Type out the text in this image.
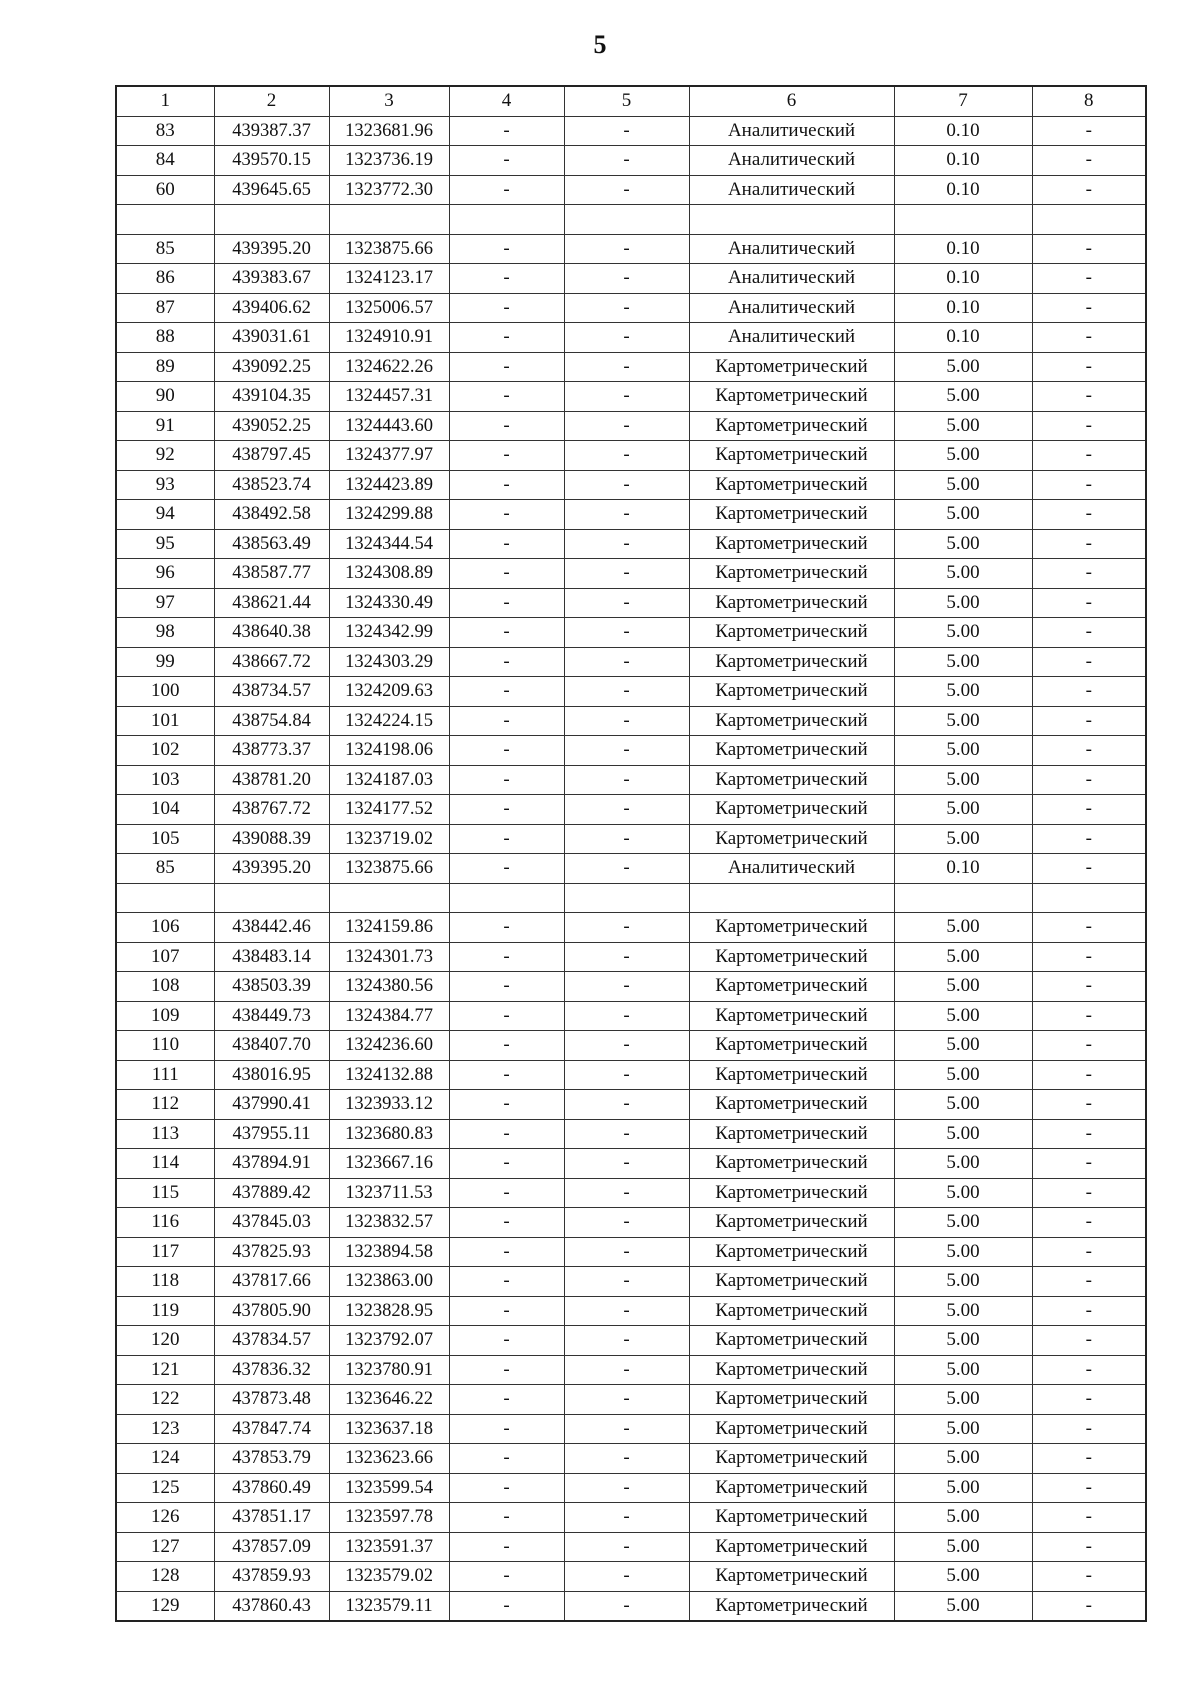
5
1	2	3	4	5	6	7	8
83	439387.37	1323681.96	-	-	Аналитический	0.10	-
84	439570.15	1323736.19	-	-	Аналитический	0.10	-
60	439645.65	1323772.30	-	-	Аналитический	0.10	-

85	439395.20	1323875.66	-	-	Аналитический	0.10	-
86	439383.67	1324123.17	-	-	Аналитический	0.10	-
87	439406.62	1325006.57	-	-	Аналитический	0.10	-
88	439031.61	1324910.91	-	-	Аналитический	0.10	-
89	439092.25	1324622.26	-	-	Картометрический	5.00	-
90	439104.35	1324457.31	-	-	Картометрический	5.00	-
91	439052.25	1324443.60	-	-	Картометрический	5.00	-
92	438797.45	1324377.97	-	-	Картометрический	5.00	-
93	438523.74	1324423.89	-	-	Картометрический	5.00	-
94	438492.58	1324299.88	-	-	Картометрический	5.00	-
95	438563.49	1324344.54	-	-	Картометрический	5.00	-
96	438587.77	1324308.89	-	-	Картометрический	5.00	-
97	438621.44	1324330.49	-	-	Картометрический	5.00	-
98	438640.38	1324342.99	-	-	Картометрический	5.00	-
99	438667.72	1324303.29	-	-	Картометрический	5.00	-
100	438734.57	1324209.63	-	-	Картометрический	5.00	-
101	438754.84	1324224.15	-	-	Картометрический	5.00	-
102	438773.37	1324198.06	-	-	Картометрический	5.00	-
103	438781.20	1324187.03	-	-	Картометрический	5.00	-
104	438767.72	1324177.52	-	-	Картометрический	5.00	-
105	439088.39	1323719.02	-	-	Картометрический	5.00	-
85	439395.20	1323875.66	-	-	Аналитический	0.10	-

106	438442.46	1324159.86	-	-	Картометрический	5.00	-
107	438483.14	1324301.73	-	-	Картометрический	5.00	-
108	438503.39	1324380.56	-	-	Картометрический	5.00	-
109	438449.73	1324384.77	-	-	Картометрический	5.00	-
110	438407.70	1324236.60	-	-	Картометрический	5.00	-
111	438016.95	1324132.88	-	-	Картометрический	5.00	-
112	437990.41	1323933.12	-	-	Картометрический	5.00	-
113	437955.11	1323680.83	-	-	Картометрический	5.00	-
114	437894.91	1323667.16	-	-	Картометрический	5.00	-
115	437889.42	1323711.53	-	-	Картометрический	5.00	-
116	437845.03	1323832.57	-	-	Картометрический	5.00	-
117	437825.93	1323894.58	-	-	Картометрический	5.00	-
118	437817.66	1323863.00	-	-	Картометрический	5.00	-
119	437805.90	1323828.95	-	-	Картометрический	5.00	-
120	437834.57	1323792.07	-	-	Картометрический	5.00	-
121	437836.32	1323780.91	-	-	Картометрический	5.00	-
122	437873.48	1323646.22	-	-	Картометрический	5.00	-
123	437847.74	1323637.18	-	-	Картометрический	5.00	-
124	437853.79	1323623.66	-	-	Картометрический	5.00	-
125	437860.49	1323599.54	-	-	Картометрический	5.00	-
126	437851.17	1323597.78	-	-	Картометрический	5.00	-
127	437857.09	1323591.37	-	-	Картометрический	5.00	-
128	437859.93	1323579.02	-	-	Картометрический	5.00	-
129	437860.43	1323579.11	-	-	Картометрический	5.00	-
